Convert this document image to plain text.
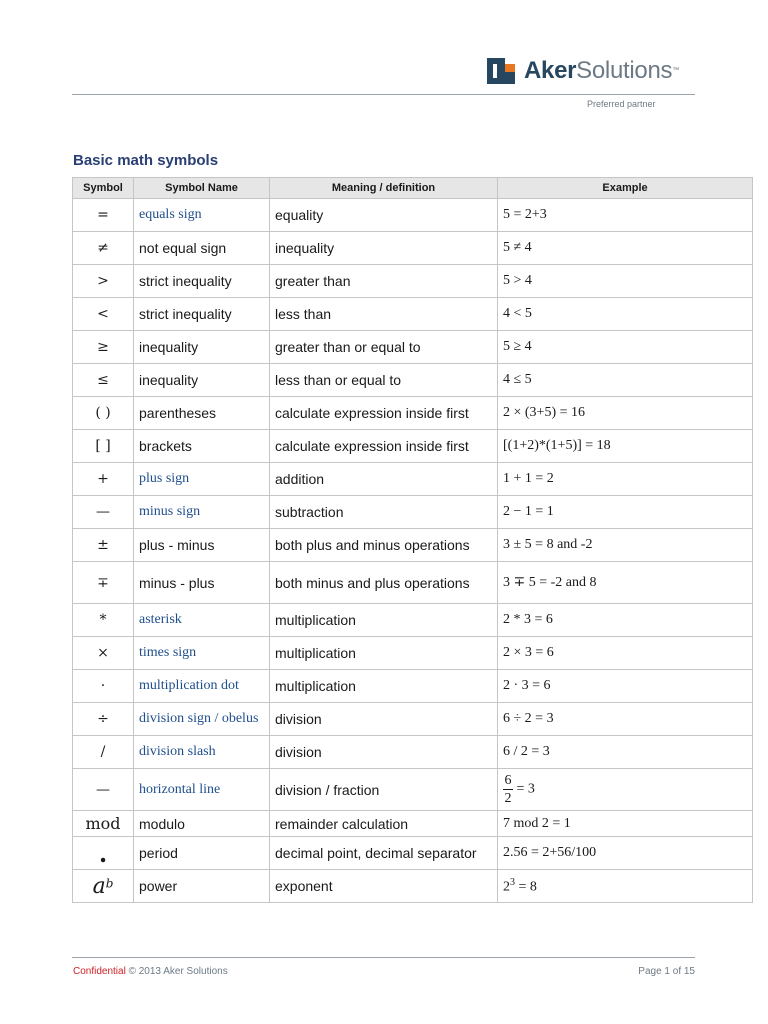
AkerSolutions™
Preferred partner
Basic math symbols
Symbol	Symbol Name	Meaning / definition	Example
=	equals sign	equality	5 = 2+3
≠	not equal sign	inequality	5 ≠ 4
>	strict inequality	greater than	5 > 4
<	strict inequality	less than	4 < 5
≥	inequality	greater than or equal to	5 ≥ 4
≤	inequality	less than or equal to	4 ≤ 5
( )	parentheses	calculate expression inside first	2 × (3+5) = 16
[ ]	brackets	calculate expression inside first	[(1+2)*(1+5)] = 18
+	plus sign	addition	1 + 1 = 2
—	minus sign	subtraction	2 − 1 = 1
±	plus - minus	both plus and minus operations	3 ± 5 = 8 and -2
∓	minus - plus	both minus and plus operations	3 ∓ 5 = -2 and 8
*	asterisk	multiplication	2 * 3 = 6
×	times sign	multiplication	2 × 3 = 6
·	multiplication dot	multiplication	2 · 3 = 6
÷	division sign / obelus	division	6 ÷ 2 = 3
/	division slash	division	6 / 2 = 3
—	horizontal line	division / fraction	$\frac{6}{2} = 3$
mod	modulo	remainder calculation	7 mod 2 = 1
.	period	decimal point, decimal separator	2.56 = 2+56/100
ab	power	exponent	$2^3 = 8$
Confidential © 2013 Aker Solutions	Page 1 of 15
